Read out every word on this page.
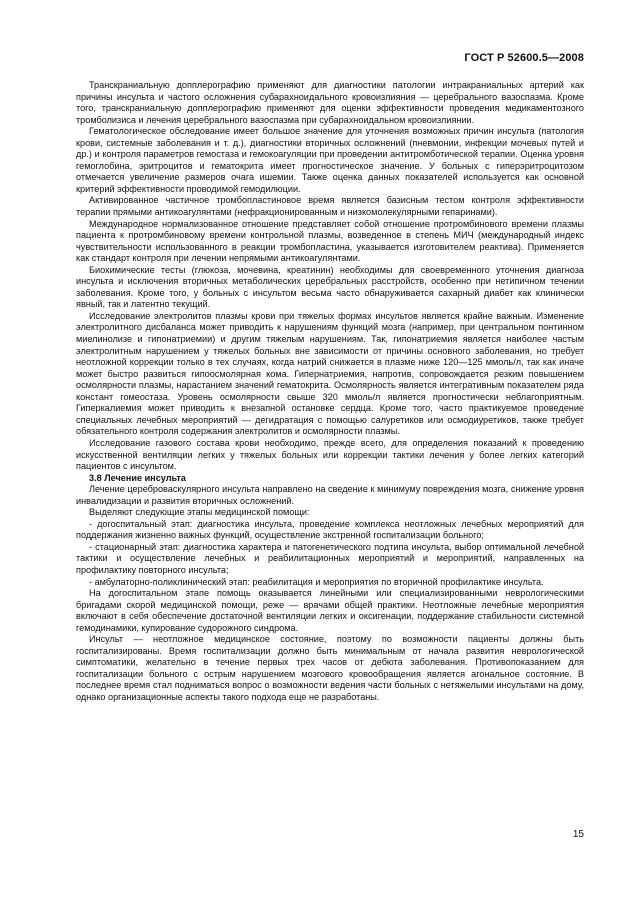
ГОСТ Р 52600.5—2008

Транскраниальную допплерографию применяют для диагностики патологии интракраниальных артерий как причины инсульта и частого осложнения субарахноидального кровоизлияния — церебрального вазоспазма. Кроме того, транскраниальную допплерографию применяют для оценки эффективности проведения медикаментозного тромболизиса и лечения церебрального вазоспазма при субарахноидальном кровоизлиянии.

Гематологическое обследование имеет большое значение для уточнения возможных причин инсульта (патология крови, системные заболевания и т. д.), диагностики вторичных осложнений (пневмонии, инфекции мочевых путей и др.) и контроля параметров гемостаза и гемокоагуляции при проведении антитромботической терапии. Оценка уровня гемоглобина, эритроцитов и гематокрита имеет прогностическое значение. У больных с гиперэритроцитозом отмечается увеличение размеров очага ишемии. Также оценка данных показателей используется как основной критерий эффективности проводимой гемодилюции.

Активированное частичное тромбопластиновое время является базисным тестом контроля эффективности терапии прямыми антикоагулянтами (нефракционированным и низкомолекулярными гепаринами).

Международное нормализованное отношение представляет собой отношение протромбинового времени плазмы пациента к протромбиновому времени контрольной плазмы, возведенное в степень МИЧ (международный индекс чувствительности использованного в реакции тромбопластина, указывается изготовителем реактива). Применяется как стандарт контроля при лечении непрямыми антикоагулянтами.

Биохимические тесты (глюкоза, мочевина, креатинин) необходимы для своевременного уточнения диагноза инсульта и исключения вторичных метаболических церебральных расстройств, особенно при нетипичном течении заболевания. Кроме того, у больных с инсультом весьма часто обнаруживается сахарный диабет как клинически явный, так и латентно текущий.

Исследование электролитов плазмы крови при тяжелых формах инсультов является крайне важным. Изменение электролитного дисбаланса может приводить к нарушениям функций мозга (например, при центральном понтинном миелинолизе и гипонатриемии) и другим тяжелым нарушениям. Так, гипонатриемия является наиболее частым электролитным нарушением у тяжелых больных вне зависимости от причины основного заболевания, но требует неотложной коррекции только в тех случаях, когда натрий снижается в плазме ниже 120—125 ммоль/л, так как иначе может быстро развиться гипоосмолярная кома. Гипернатриемия, напротив, сопровождается резким повышением осмолярности плазмы, нарастанием значений гематокрита. Осмолярность является интегративным показателем ряда констант гомеостаза. Уровень осмолярности свыше 320 ммоль/л является прогностически неблагоприятным. Гиперкалиемия может приводить к внезапной остановке сердца. Кроме того, часто практикуемое проведение специальных лечебных мероприятий — дегидратация с помощью салуретиков или осмодиуретиков, также требует обязательного контроля содержания электролитов и осмолярности плазмы.

Исследование газового состава крови необходимо, прежде всего, для определения показаний к проведению искусственной вентиляции легких у тяжелых больных или коррекции тактики лечения у более легких категорий пациентов с инсультом.

3.8 Лечение инсульта

Лечение цереброваскулярного инсульта направлено на сведение к минимуму повреждения мозга, снижение уровня инвалидизации и развития вторичных осложнений.

Выделяют следующие этапы медицинской помощи:

- догоспитальный этап: диагностика инсульта, проведение комплекса неотложных лечебных мероприятий для поддержания жизненно важных функций, осуществление экстренной госпитализации больного;

- стационарный этап: диагностика характера и патогенетического подтипа инсульта, выбор оптимальной лечебной тактики и осуществление лечебных и реабилитационных мероприятий и мероприятий, направленных на профилактику повторного инсульта;

- амбулаторно-поликлинический этап: реабилитация и мероприятия по вторичной профилактике инсульта.

На догоспитальном этапе помощь оказывается линейными или специализированными неврологическими бригадами скорой медицинской помощи, реже — врачами общей практики. Неотложные лечебные мероприятия включают в себя обеспечение достаточной вентиляции легких и оксигенации, поддержание стабильности системной гемодинамики, купирование судорожного синдрома.

Инсульт — неотложное медицинское состояние, поэтому по возможности пациенты должны быть госпитализированы. Время госпитализации должно быть минимальным от начала развития неврологической симптоматики, желательно в течение первых трех часов от дебюта заболевания. Противопоказанием для госпитализации больного с острым нарушением мозгового кровообращения является агональное состояние. В последнее время стал подниматься вопрос о возможности ведения части больных с нетяжелыми инсультами на дому, однако организационные аспекты такого подхода еще не разработаны.

15
